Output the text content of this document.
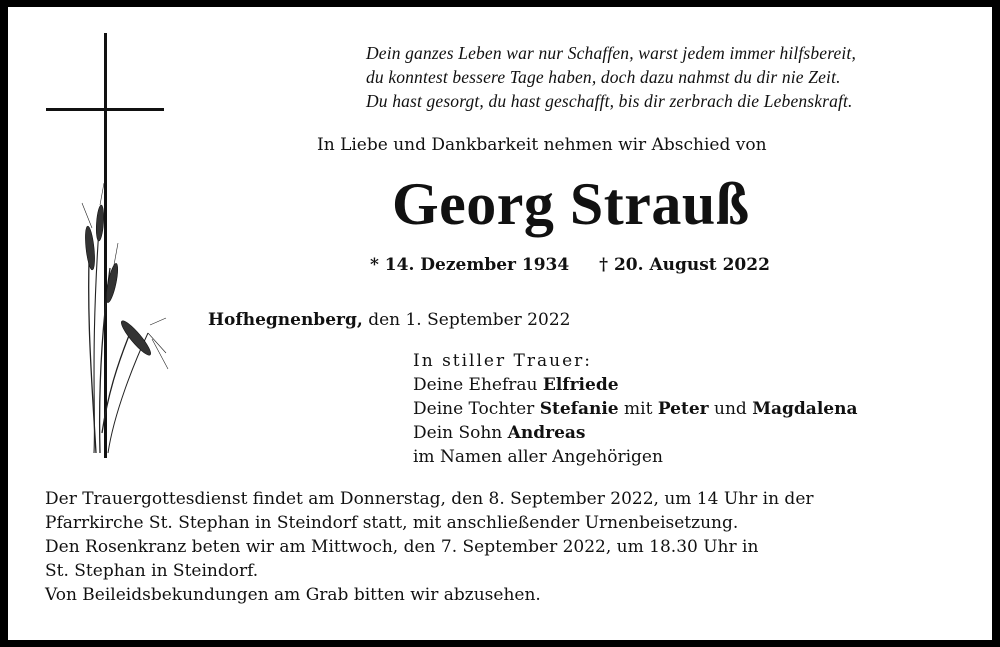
Dein ganzes Leben war nur Schaffen, warst jedem immer hilfsbereit,
du konntest bessere Tage haben, doch dazu nahmst du dir nie Zeit.
Du hast gesorgt, du hast geschafft, bis dir zerbrach die Lebenskraft.
In Liebe und Dankbarkeit nehmen wir Abschied von
Georg Strauß
* 14. Dezember 1934 † 20. August 2022
Hofhegnenberg, den 1. September 2022
In stiller Trauer:
Deine Ehefrau Elfriede
Deine Tochter Stefanie mit Peter und Magdalena
Dein Sohn Andreas
im Namen aller Angehörigen
Der Trauergottesdienst findet am Donnerstag, den 8. September 2022, um 14 Uhr in der
Pfarrkirche St. Stephan in Steindorf statt, mit anschließender Urnenbeisetzung.
Den Rosenkranz beten wir am Mittwoch, den 7. September 2022, um 18.30 Uhr in
St. Stephan in Steindorf.
Von Beileidsbekundungen am Grab bitten wir abzusehen.
